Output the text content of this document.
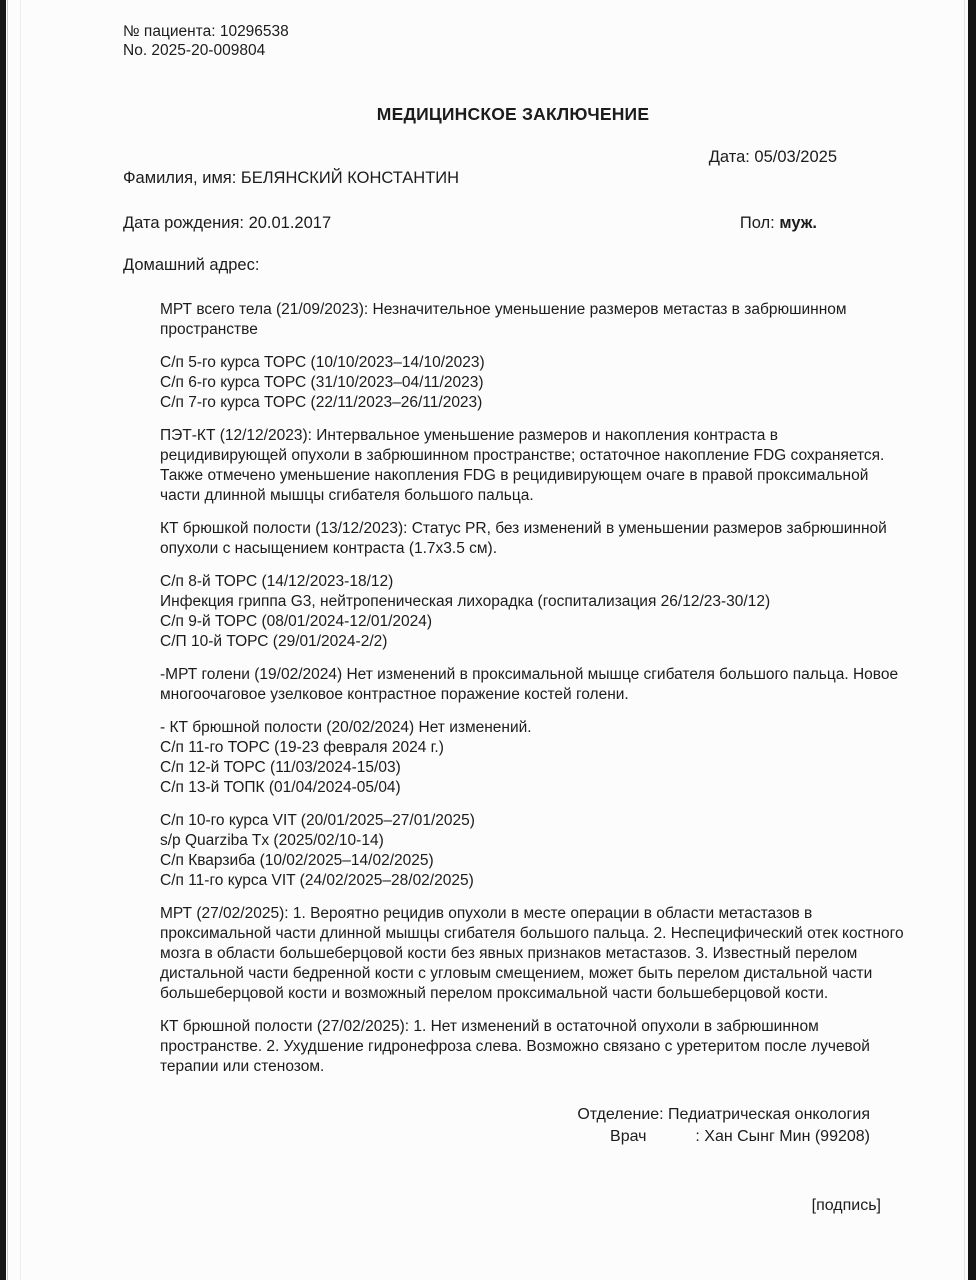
№ пациента: 10296538
No. 2025-20-009804
МЕДИЦИНСКОЕ ЗАКЛЮЧЕНИЕ
Дата: 05/03/2025
Фамилия, имя: БЕЛЯНСКИЙ КОНСТАНТИН
Дата рождения: 20.01.2017	Пол: муж.
Домашний адрес:
МРТ всего тела (21/09/2023): Незначительное уменьшение размеров метастаз в забрюшинном пространстве
С/п 5-го курса ТОРС (10/10/2023–14/10/2023)
С/п 6-го курса ТОРС (31/10/2023–04/11/2023)
С/п 7-го курса ТОРС (22/11/2023–26/11/2023)
ПЭТ-КТ (12/12/2023): Интервальное уменьшение размеров и накопления контраста в рецидивирующей опухоли в забрюшинном пространстве; остаточное накопление FDG сохраняется. Также отмечено уменьшение накопления FDG в рецидивирующем очаге в правой проксимальной части длинной мышцы сгибателя большого пальца.
КТ брюшкой полости (13/12/2023): Статус PR, без изменений в уменьшении размеров забрюшинной опухоли с насыщением контраста (1.7х3.5 см).
С/п 8-й ТОРС (14/12/2023-18/12)
Инфекция гриппа G3, нейтропеническая лихорадка (госпитализация 26/12/23-30/12)
С/п 9-й ТОРС (08/01/2024-12/01/2024)
С/П 10-й ТОРС (29/01/2024-2/2)
-МРТ голени (19/02/2024) Нет изменений в проксимальной мышце сгибателя большого пальца. Новое многоочаговое узелковое контрастное поражение костей голени.
- КТ брюшной полости (20/02/2024) Нет изменений.
С/п 11-го ТОРС (19-23 февраля 2024 г.)
С/п 12-й ТОРС (11/03/2024-15/03)
С/п 13-й ТОПК (01/04/2024-05/04)
С/п 10-го курса VIT (20/01/2025–27/01/2025)
s/p Quarziba Tx (2025/02/10-14)
С/п Кварзиба (10/02/2025–14/02/2025)
С/п 11-го курса VIT (24/02/2025–28/02/2025)
МРТ (27/02/2025): 1. Вероятно рецидив опухоли в месте операции в области метастазов в проксимальной части длинной мышцы сгибателя большого пальца. 2. Неспецифический отек костного мозга в области большеберцовой кости без явных признаков метастазов. 3. Известный перелом дистальной части бедренной кости с угловым смещением, может быть перелом дистальной части большеберцовой кости и возможный перелом проксимальной части большеберцовой кости.
КТ брюшной полости (27/02/2025): 1. Нет изменений в остаточной опухоли в забрюшинном пространстве. 2. Ухудшение гидронефроза слева. Возможно связано с уретеритом после лучевой терапии или стенозом.
Отделение: Педиатрическая онкология
Врач           : Хан Сынг Мин (99208)
[подпись]
